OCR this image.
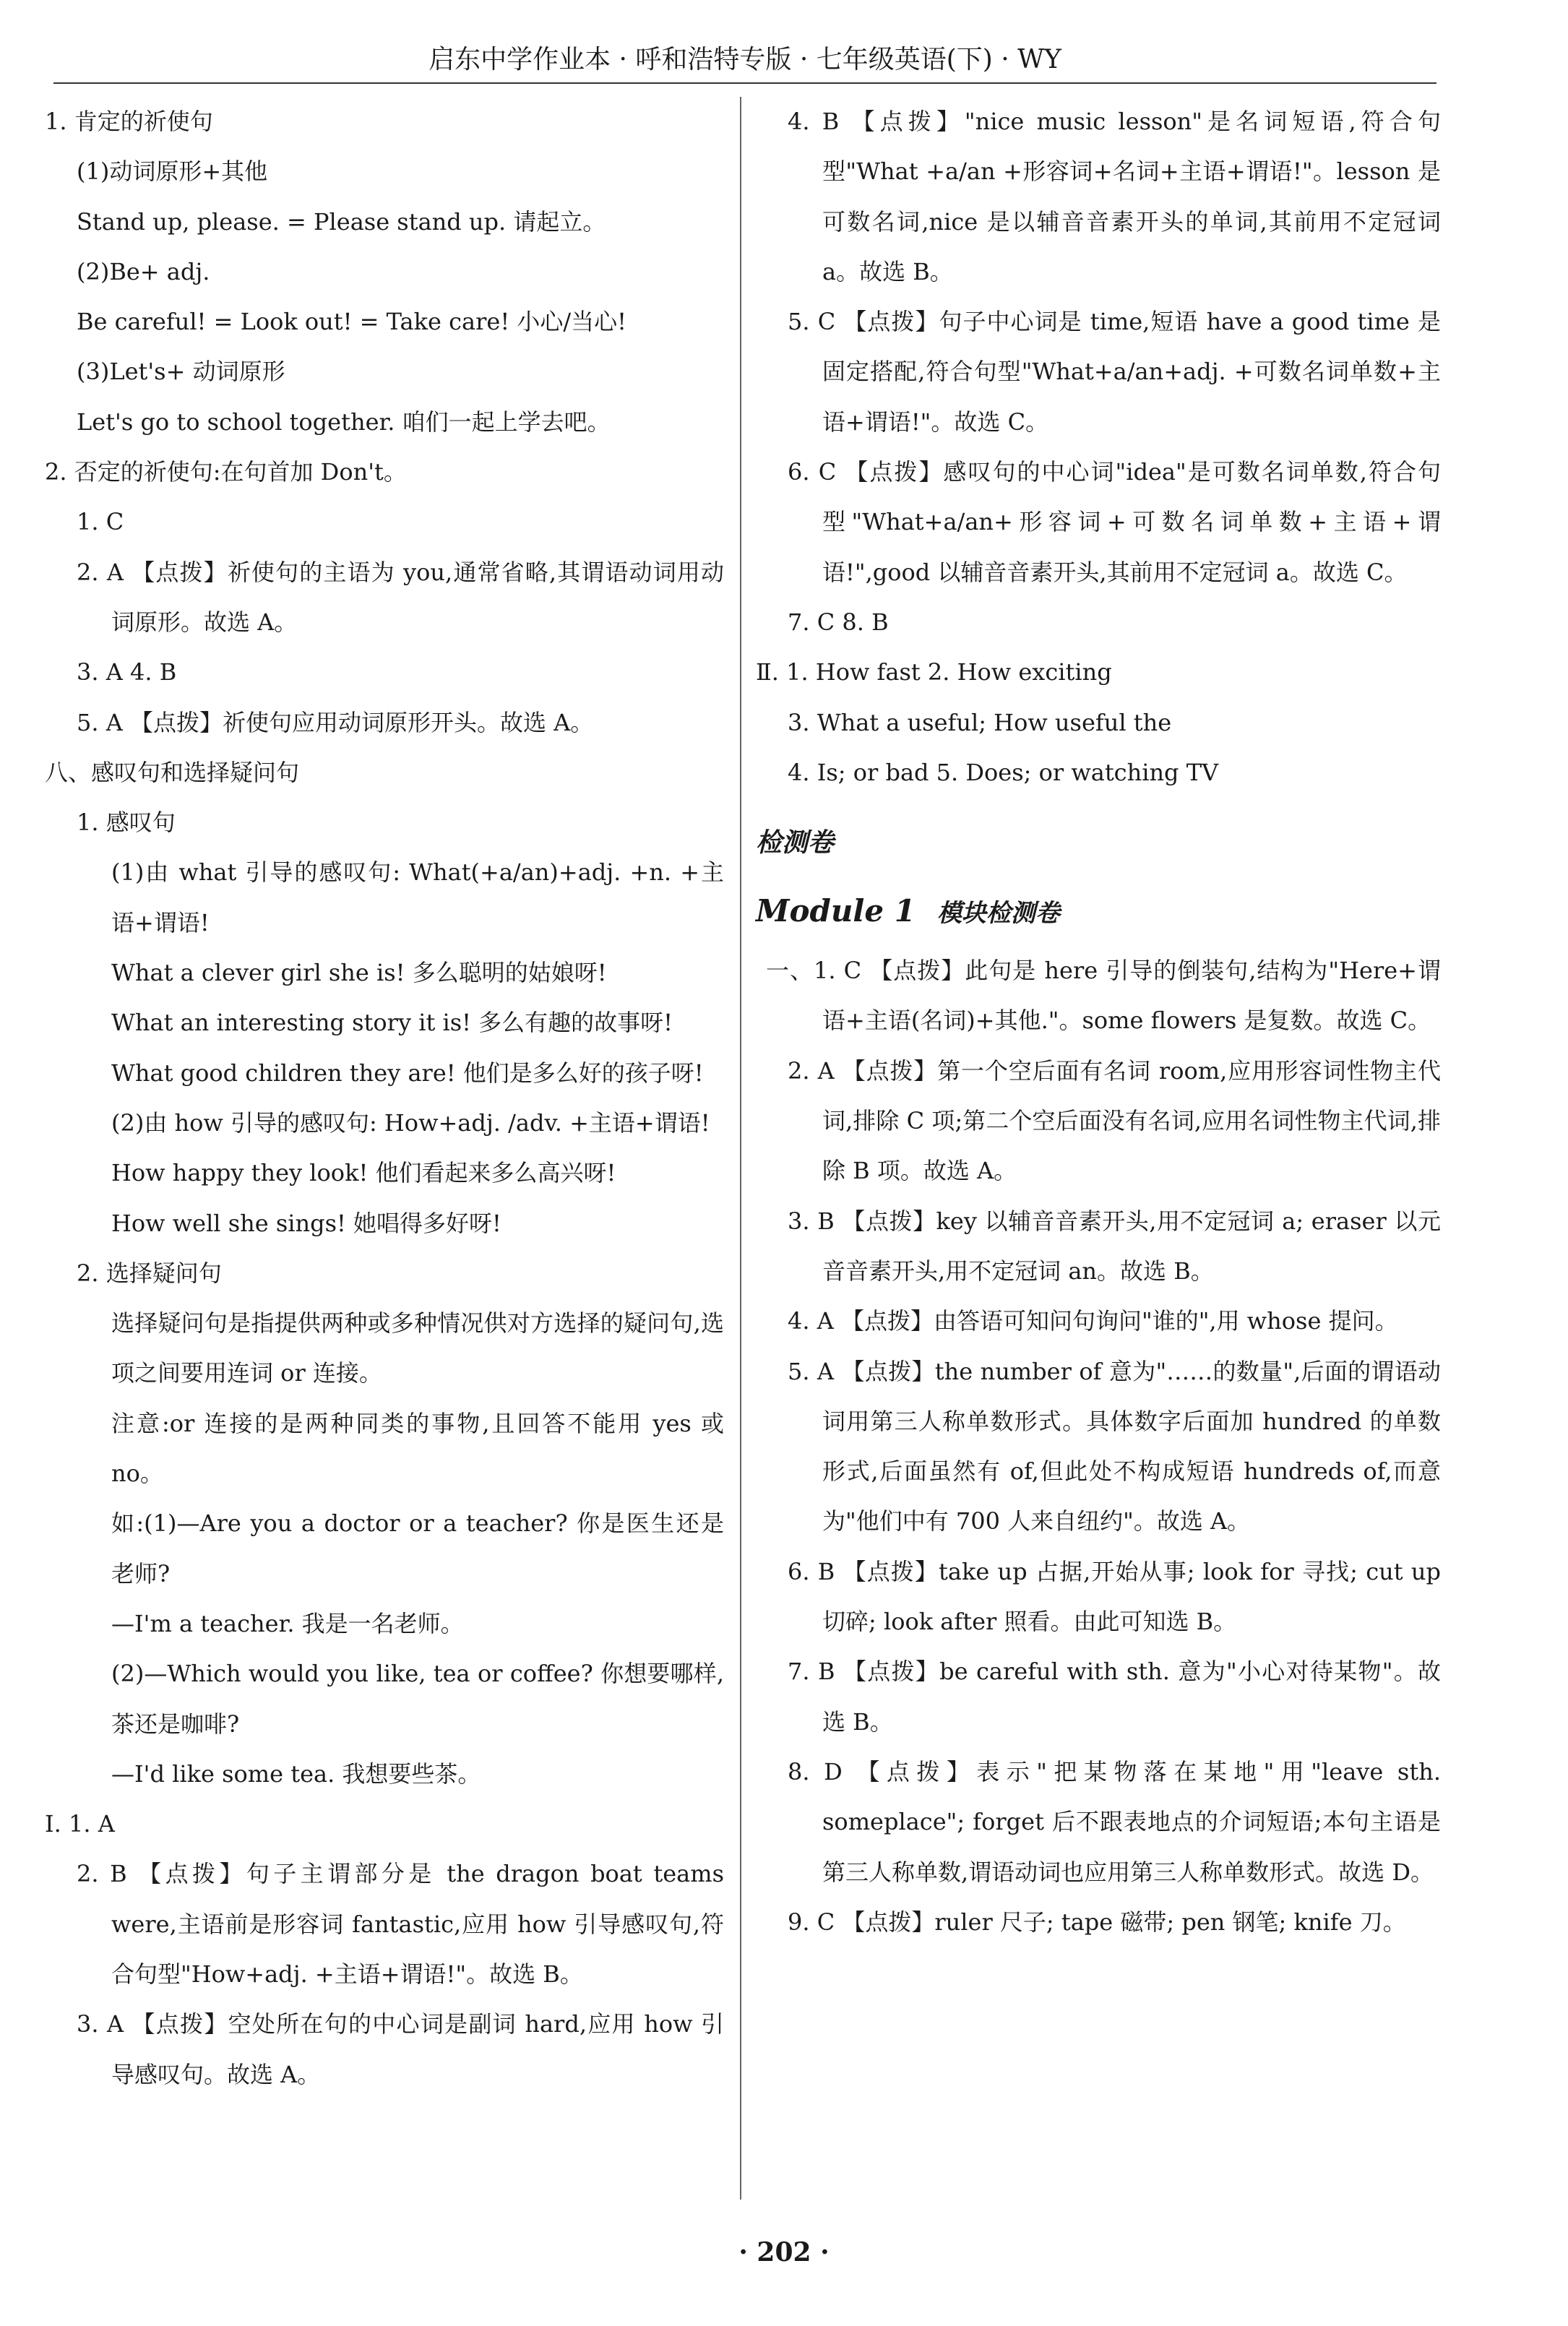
启东中学作业本 · 呼和浩特专版 · 七年级英语(下) · WY

1. 肯定的祈使句

(1)动词原形+其他

Stand up, please. = Please stand up. 请起立。

(2)Be+ adj.

Be careful! = Look out! = Take care! 小心/当心!

(3)Let's+ 动词原形

Let's go to school together. 咱们一起上学去吧。

2. 否定的祈使句:在句首加 Don't。

1. C

2. A 【点拨】祈使句的主语为 you,通常省略,其谓语动词用动词原形。故选 A。

3. A 4. B

5. A 【点拨】祈使句应用动词原形开头。故选 A。

八、感叹句和选择疑问句

1. 感叹句

(1)由 what 引导的感叹句: What(+a/an)+adj. +n. +主语+谓语!

What a clever girl she is! 多么聪明的姑娘呀!

What an interesting story it is! 多么有趣的故事呀!

What good children they are! 他们是多么好的孩子呀!

(2)由 how 引导的感叹句: How+adj. /adv. +主语+谓语!

How happy they look! 他们看起来多么高兴呀!

How well she sings! 她唱得多好呀!

2. 选择疑问句

选择疑问句是指提供两种或多种情况供对方选择的疑问句,选项之间要用连词 or 连接。

注意:or 连接的是两种同类的事物,且回答不能用 yes 或 no。

如:(1)—Are you a doctor or a teacher? 你是医生还是老师?

—I'm a teacher. 我是一名老师。

(2)—Which would you like, tea or coffee? 你想要哪样,茶还是咖啡?

—I'd like some tea. 我想要些茶。

Ⅰ. 1. A

2. B 【点拨】句子主谓部分是 the dragon boat teams were,主语前是形容词 fantastic,应用 how 引导感叹句,符合句型"How+adj. +主语+谓语!"。故选 B。

3. A 【点拨】空处所在句的中心词是副词 hard,应用 how 引导感叹句。故选 A。

4. B 【点拨】"nice music lesson"是名词短语,符合句型"What +a/an +形容词+名词+主语+谓语!"。lesson 是可数名词,nice 是以辅音音素开头的单词,其前用不定冠词 a。故选 B。

5. C 【点拨】句子中心词是 time,短语 have a good time 是固定搭配,符合句型"What+a/an+adj. +可数名词单数+主语+谓语!"。故选 C。

6. C 【点拨】感叹句的中心词"idea"是可数名词单数,符合句型"What+a/an+形容词+可数名词单数+主语+谓语!",good 以辅音音素开头,其前用不定冠词 a。故选 C。

7. C 8. B

Ⅱ. 1. How fast 2. How exciting

3. What a useful; How useful the

4. Is; or bad 5. Does; or watching TV

检测卷

Module 1 模块检测卷

一、1. C 【点拨】此句是 here 引导的倒装句,结构为"Here+谓语+主语(名词)+其他."。some flowers 是复数。故选 C。

2. A 【点拨】第一个空后面有名词 room,应用形容词性物主代词,排除 C 项;第二个空后面没有名词,应用名词性物主代词,排除 B 项。故选 A。

3. B 【点拨】key 以辅音音素开头,用不定冠词 a; eraser 以元音音素开头,用不定冠词 an。故选 B。

4. A 【点拨】由答语可知问句询问"谁的",用 whose 提问。

5. A 【点拨】the number of 意为"……的数量",后面的谓语动词用第三人称单数形式。具体数字后面加 hundred 的单数形式,后面虽然有 of,但此处不构成短语 hundreds of,而意为"他们中有 700 人来自纽约"。故选 A。

6. B 【点拨】take up 占据,开始从事; look for 寻找; cut up 切碎; look after 照看。由此可知选 B。

7. B 【点拨】be careful with sth. 意为"小心对待某物"。故选 B。

8. D 【点拨】表示"把某物落在某地"用"leave sth. someplace"; forget 后不跟表地点的介词短语;本句主语是第三人称单数,谓语动词也应用第三人称单数形式。故选 D。

9. C 【点拨】ruler 尺子; tape 磁带; pen 钢笔; knife 刀。

· 202 ·
